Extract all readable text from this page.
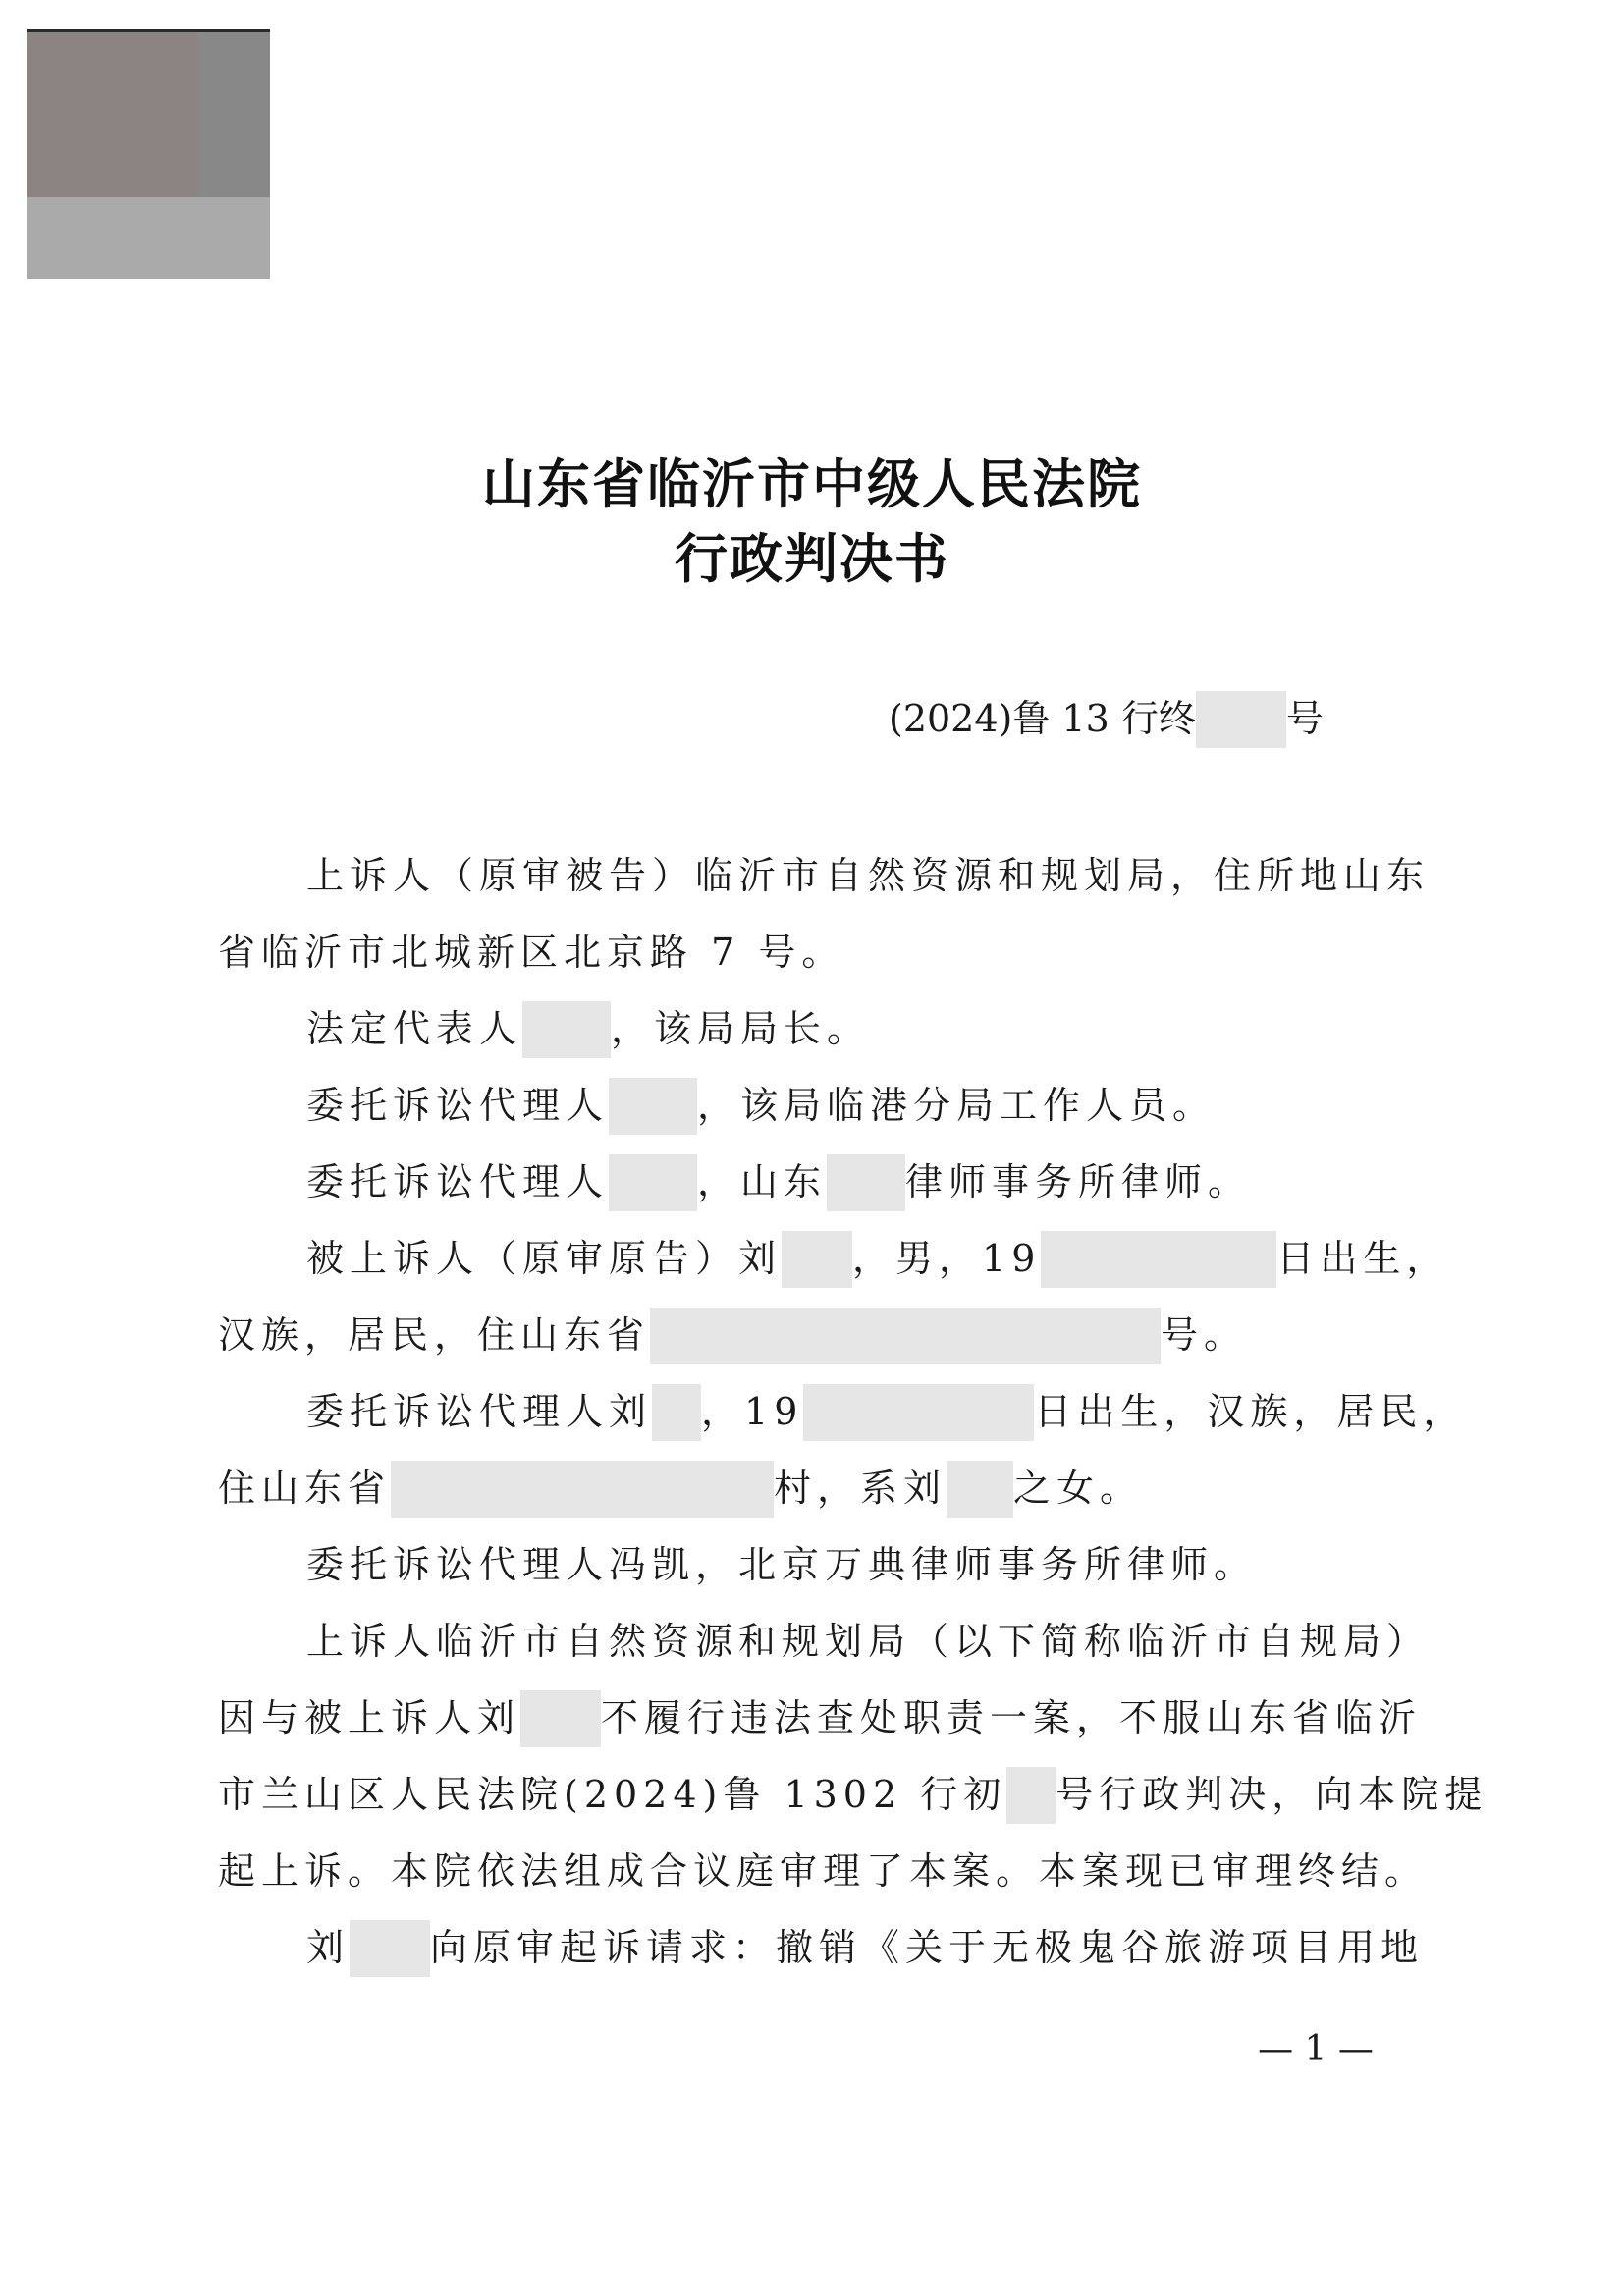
山东省临沂市中级人民法院
行政判决书
(2024)鲁 13 行终 号
上诉人（原审被告）临沂市自然资源和规划局，住所地山东
省临沂市北城新区北京路 7 号。
法定代表人 ，该局局长。
委托诉讼代理人 ，该局临港分局工作人员。
委托诉讼代理人 ，山东 律师事务所律师。
被上诉人（原审原告）刘 ，男，19	日出生，
汉族，居民，住山东省	号。
委托诉讼代理人刘 ，19	日出生，汉族，居民，
住山东省	村，系刘 之女。
委托诉讼代理人冯凯，北京万典律师事务所律师。
上诉人临沂市自然资源和规划局（以下简称临沂市自规局）
因与被上诉人刘 不履行违法查处职责一案，不服山东省临沂
市兰山区人民法院(2024)鲁 1302 行初 号行政判决，向本院提
起上诉。本院依法组成合议庭审理了本案。本案现已审理终结。
刘 向原审起诉请求：撤销《关于无极鬼谷旅游项目用地
— 1 —
